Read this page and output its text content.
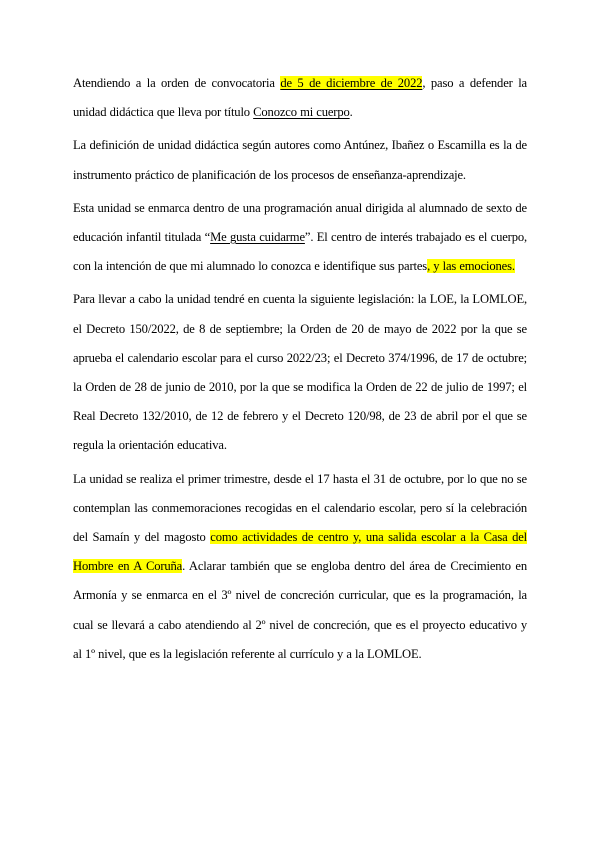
Atendiendo a la orden de convocatoria de 5 de diciembre de 2022, paso a defender la unidad didáctica que lleva por título Conozco mi cuerpo.

La definición de unidad didáctica según autores como Antúnez, Ibañez o Escamilla es la de instrumento práctico de planificación de los procesos de enseñanza-aprendizaje.

Esta unidad se enmarca dentro de una programación anual dirigida al alumnado de sexto de educación infantil titulada “Me gusta cuidarme”. El centro de interés trabajado es el cuerpo, con la intención de que mi alumnado lo conozca e identifique sus partes, y las emociones.

Para llevar a cabo la unidad tendré en cuenta la siguiente legislación: la LOE, la LOMLOE, el Decreto 150/2022, de 8 de septiembre; la Orden de 20 de mayo de 2022 por la que se aprueba el calendario escolar para el curso 2022/23; el Decreto 374/1996, de 17 de octubre; la Orden de 28 de junio de 2010, por la que se modifica la Orden de 22 de julio de 1997; el Real Decreto 132/2010, de 12 de febrero y el Decreto 120/98, de 23 de abril por el que se regula la orientación educativa.

La unidad se realiza el primer trimestre, desde el 17 hasta el 31 de octubre, por lo que no se contemplan las conmemoraciones recogidas en el calendario escolar, pero sí la celebración del Samaín y del magosto como actividades de centro y, una salida escolar a la Casa del Hombre en A Coruña. Aclarar también que se engloba dentro del área de Crecimiento en Armonía y se enmarca en el 3º nivel de concreción curricular, que es la programación, la cual se llevará a cabo atendiendo al 2º nivel de concreción, que es el proyecto educativo y al 1º nivel, que es la legislación referente al currículo y a la LOMLOE.
